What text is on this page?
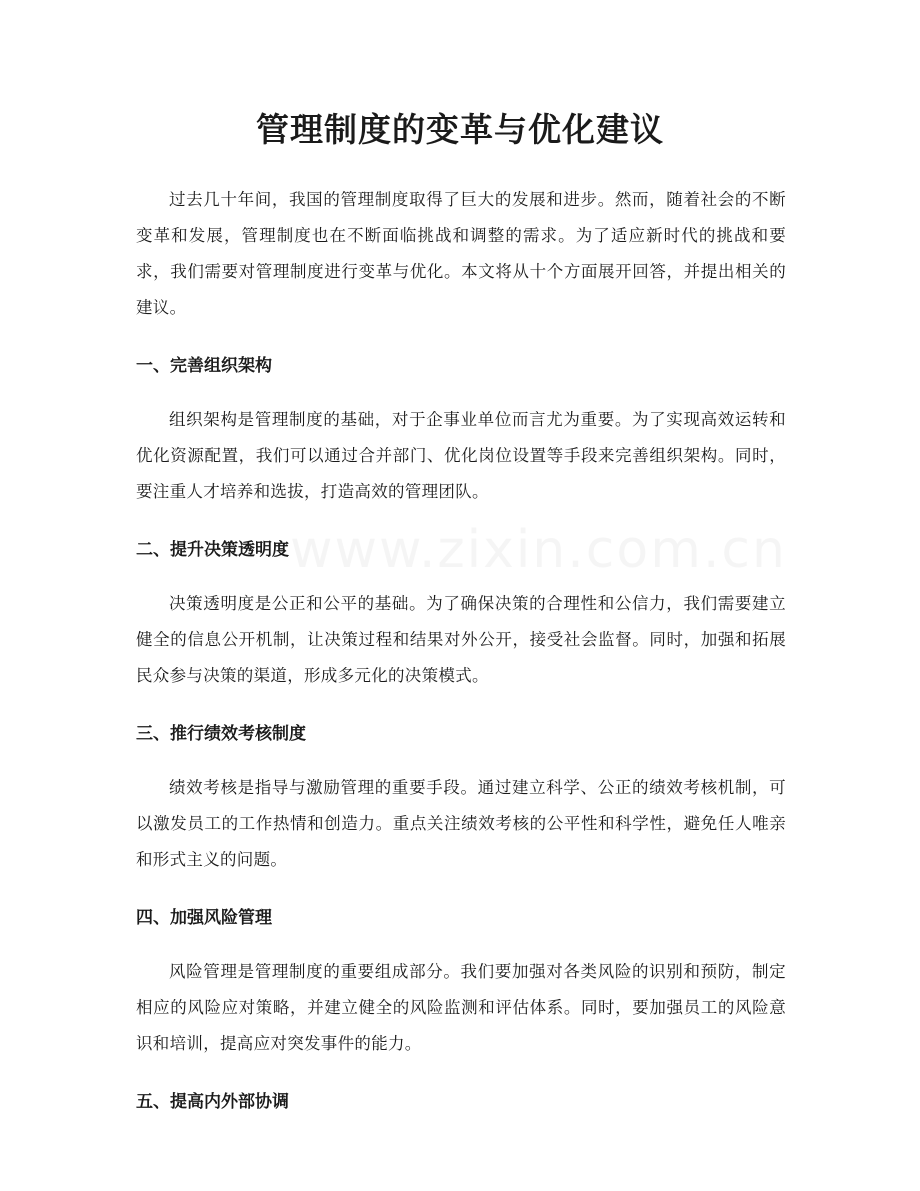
管理制度的变革与优化建议
www.zixin.com.cn

过去几十年间，我国的管理制度取得了巨大的发展和进步。然而，随着社会的不断变革和发展，管理制度也在不断面临挑战和调整的需求。为了适应新时代的挑战和要求，我们需要对管理制度进行变革与优化。本文将从十个方面展开回答，并提出相关的建议。

一、完善组织架构

组织架构是管理制度的基础，对于企事业单位而言尤为重要。为了实现高效运转和优化资源配置，我们可以通过合并部门、优化岗位设置等手段来完善组织架构。同时，要注重人才培养和选拔，打造高效的管理团队。

二、提升决策透明度

决策透明度是公正和公平的基础。为了确保决策的合理性和公信力，我们需要建立健全的信息公开机制，让决策过程和结果对外公开，接受社会监督。同时，加强和拓展民众参与决策的渠道，形成多元化的决策模式。

三、推行绩效考核制度

绩效考核是指导与激励管理的重要手段。通过建立科学、公正的绩效考核机制，可以激发员工的工作热情和创造力。重点关注绩效考核的公平性和科学性，避免任人唯亲和形式主义的问题。

四、加强风险管理

风险管理是管理制度的重要组成部分。我们要加强对各类风险的识别和预防，制定相应的风险应对策略，并建立健全的风险监测和评估体系。同时，要加强员工的风险意识和培训，提高应对突发事件的能力。

五、提高内外部协调
